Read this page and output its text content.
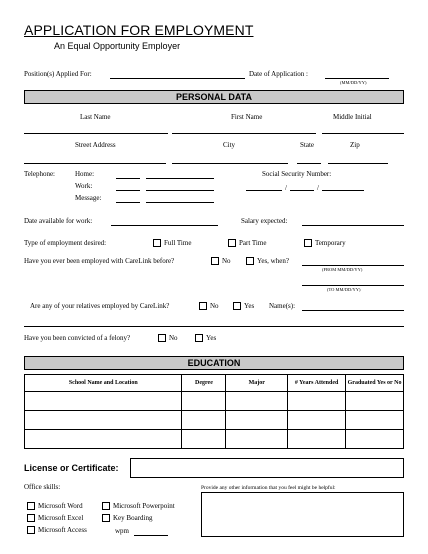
APPLICATION FOR EMPLOYMENT
An Equal Opportunity Employer
Position(s) Applied For:	Date of Application :
(MM/DD/YY)
PERSONAL DATA
Last Name	First Name	Middle Initial
Street Address	City	State	Zip
Telephone:	Home:
Work:
Message:
Social Security Number:
/	/
Date available for work:	Salary expected:
Type of employment desired:	Full Time	Part Time	Temporary
Have you ever been employed with CareLink before?	No	Yes, when?
(FROM MM/DD/YY)
(TO MM/DD/YY)
Are any of your relatives employed by CareLink?	No	Yes Name(s):
Have you been convicted of a felony?	No	Yes
EDUCATION
School Name and Location	Degree	Major	# Years Attended	Graduated Yes or No

License or Certificate:
Office skills:	Provide any other information that you feel might be helpful:
Microsoft Word	Microsoft Powerpoint
Microsoft Excel	Key Boarding
Microsoft Access	wpm
